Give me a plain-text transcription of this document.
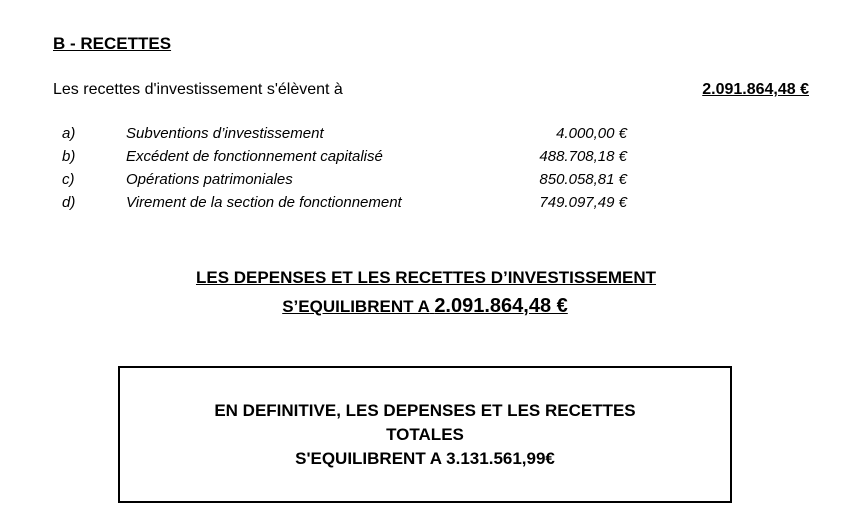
B - RECETTES
Les recettes d'investissement s'élèvent à	2.091.864,48 €
a)	Subventions d’investissement	4.000,00 €
b)	Excédent de fonctionnement capitalisé	488.708,18 €
c)	Opérations patrimoniales	850.058,81 €
d)	Virement de la section de fonctionnement	749.097,49 €
LES DEPENSES ET LES RECETTES D’INVESTISSEMENT
S’EQUILIBRENT A 2.091.864,48 €
EN DEFINITIVE, LES DEPENSES ET LES RECETTES
TOTALES
S'EQUILIBRENT A 3.131.561,99€
